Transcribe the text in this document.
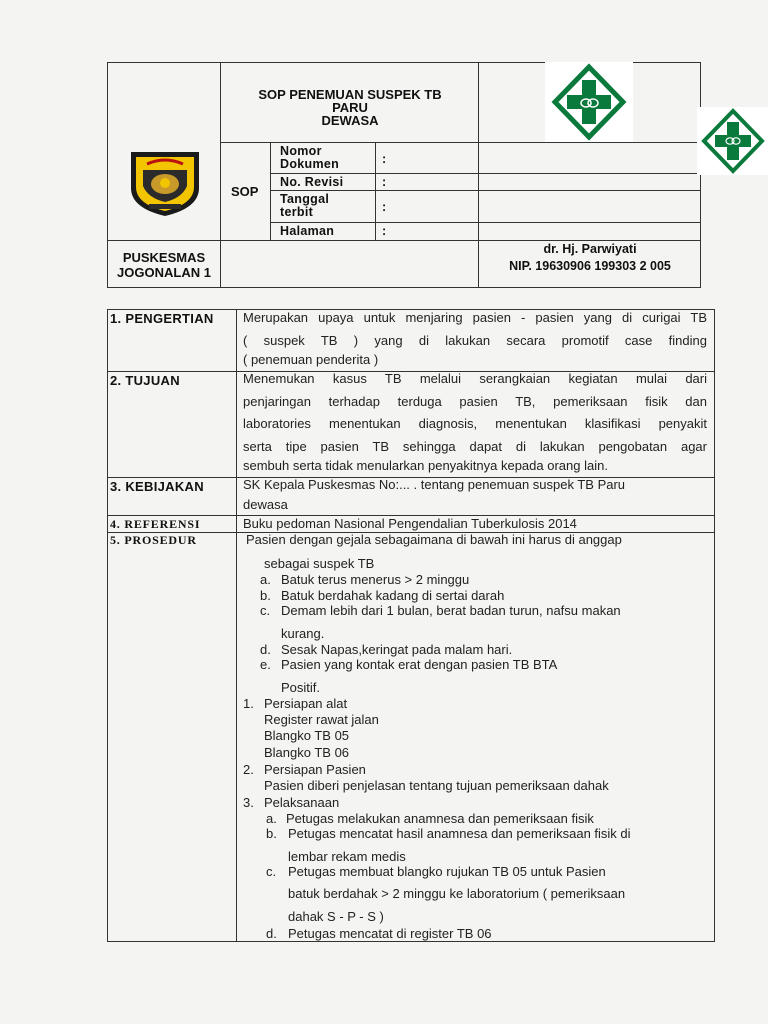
SOP PENEMUAN SUSPEK TB
PARU
DEWASA
SOP
Nomor
Dokumen	:
No. Revisi	:
Tanggal
terbit	:
Halaman	:
PUSKESMAS
JOGONALAN 1
dr. Hj. Parwiyati
NIP. 19630906 199303 2 005
1. PENGERTIAN Merupakan upaya untuk menjaring pasien - pasien yang di curigai TB
( suspek TB ) yang di lakukan secara promotif case finding
( penemuan penderita )
2. TUJUAN	Menemukan kasus TB melalui serangkaian kegiatan mulai dari
penjaringan terhadap terduga pasien TB, pemeriksaan fisik dan
laboratories menentukan diagnosis, menentukan klasifikasi penyakit
serta tipe pasien TB sehingga dapat di lakukan pengobatan agar
sembuh serta tidak menularkan penyakitnya kepada orang lain.
3. KEBIJAKAN	SK Kepala Puskesmas No:... . tentang penemuan suspek TB Paru
dewasa
4. REFERENSI	Buku pedoman Nasional Pengendalian Tuberkulosis 2014
5. PROSEDUR	Pasien dengan gejala sebagaimana di bawah ini harus di anggap
sebagai suspek TB
a. Batuk terus menerus > 2 minggu
b. Batuk berdahak kadang di sertai darah
c. Demam lebih dari 1 bulan, berat badan turun, nafsu makan
kurang.
d. Sesak Napas,keringat pada malam hari.
e. Pasien yang kontak erat dengan pasien TB BTA
Positif.
1. Persiapan alat
Register rawat jalan
Blangko TB 05
Blangko TB 06
2. Persiapan Pasien
Pasien diberi penjelasan tentang tujuan pemeriksaan dahak
3. Pelaksanaan
a. Petugas melakukan anamnesa dan pemeriksaan fisik
b. Petugas mencatat hasil anamnesa dan pemeriksaan fisik di
lembar rekam medis
c. Petugas membuat blangko rujukan TB 05 untuk Pasien
batuk berdahak > 2 minggu ke laboratorium ( pemeriksaan
dahak S - P - S )
d. Petugas mencatat di register TB 06
